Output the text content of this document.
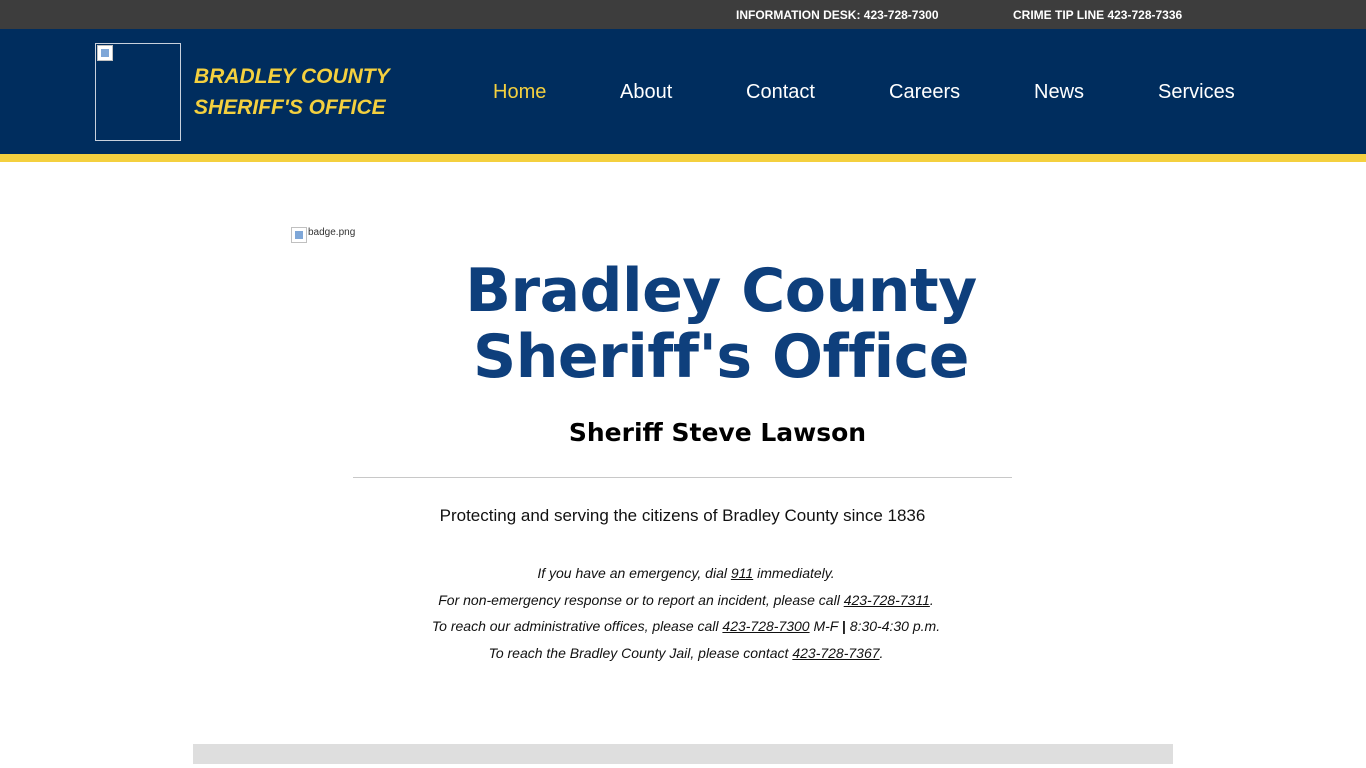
INFORMATION DESK: 423-728-7300	CRIME TIP LINE 423-728-7336
BRADLEY COUNTY
SHERIFF'S OFFICE
Home	About	Contact	Careers	News	Services
badge.png
Bradley County
Sheriff's Office
Sheriff Steve Lawson
Protecting and serving the citizens of Bradley County since 1836
If you have an emergency, dial 911 immediately.
For non-emergency response or to report an incident, please call 423-728-7311.
To reach our administrative offices, please call 423-728-7300 M-F | 8:30-4:30 p.m.
To reach the Bradley County Jail, please contact 423-728-7367.
